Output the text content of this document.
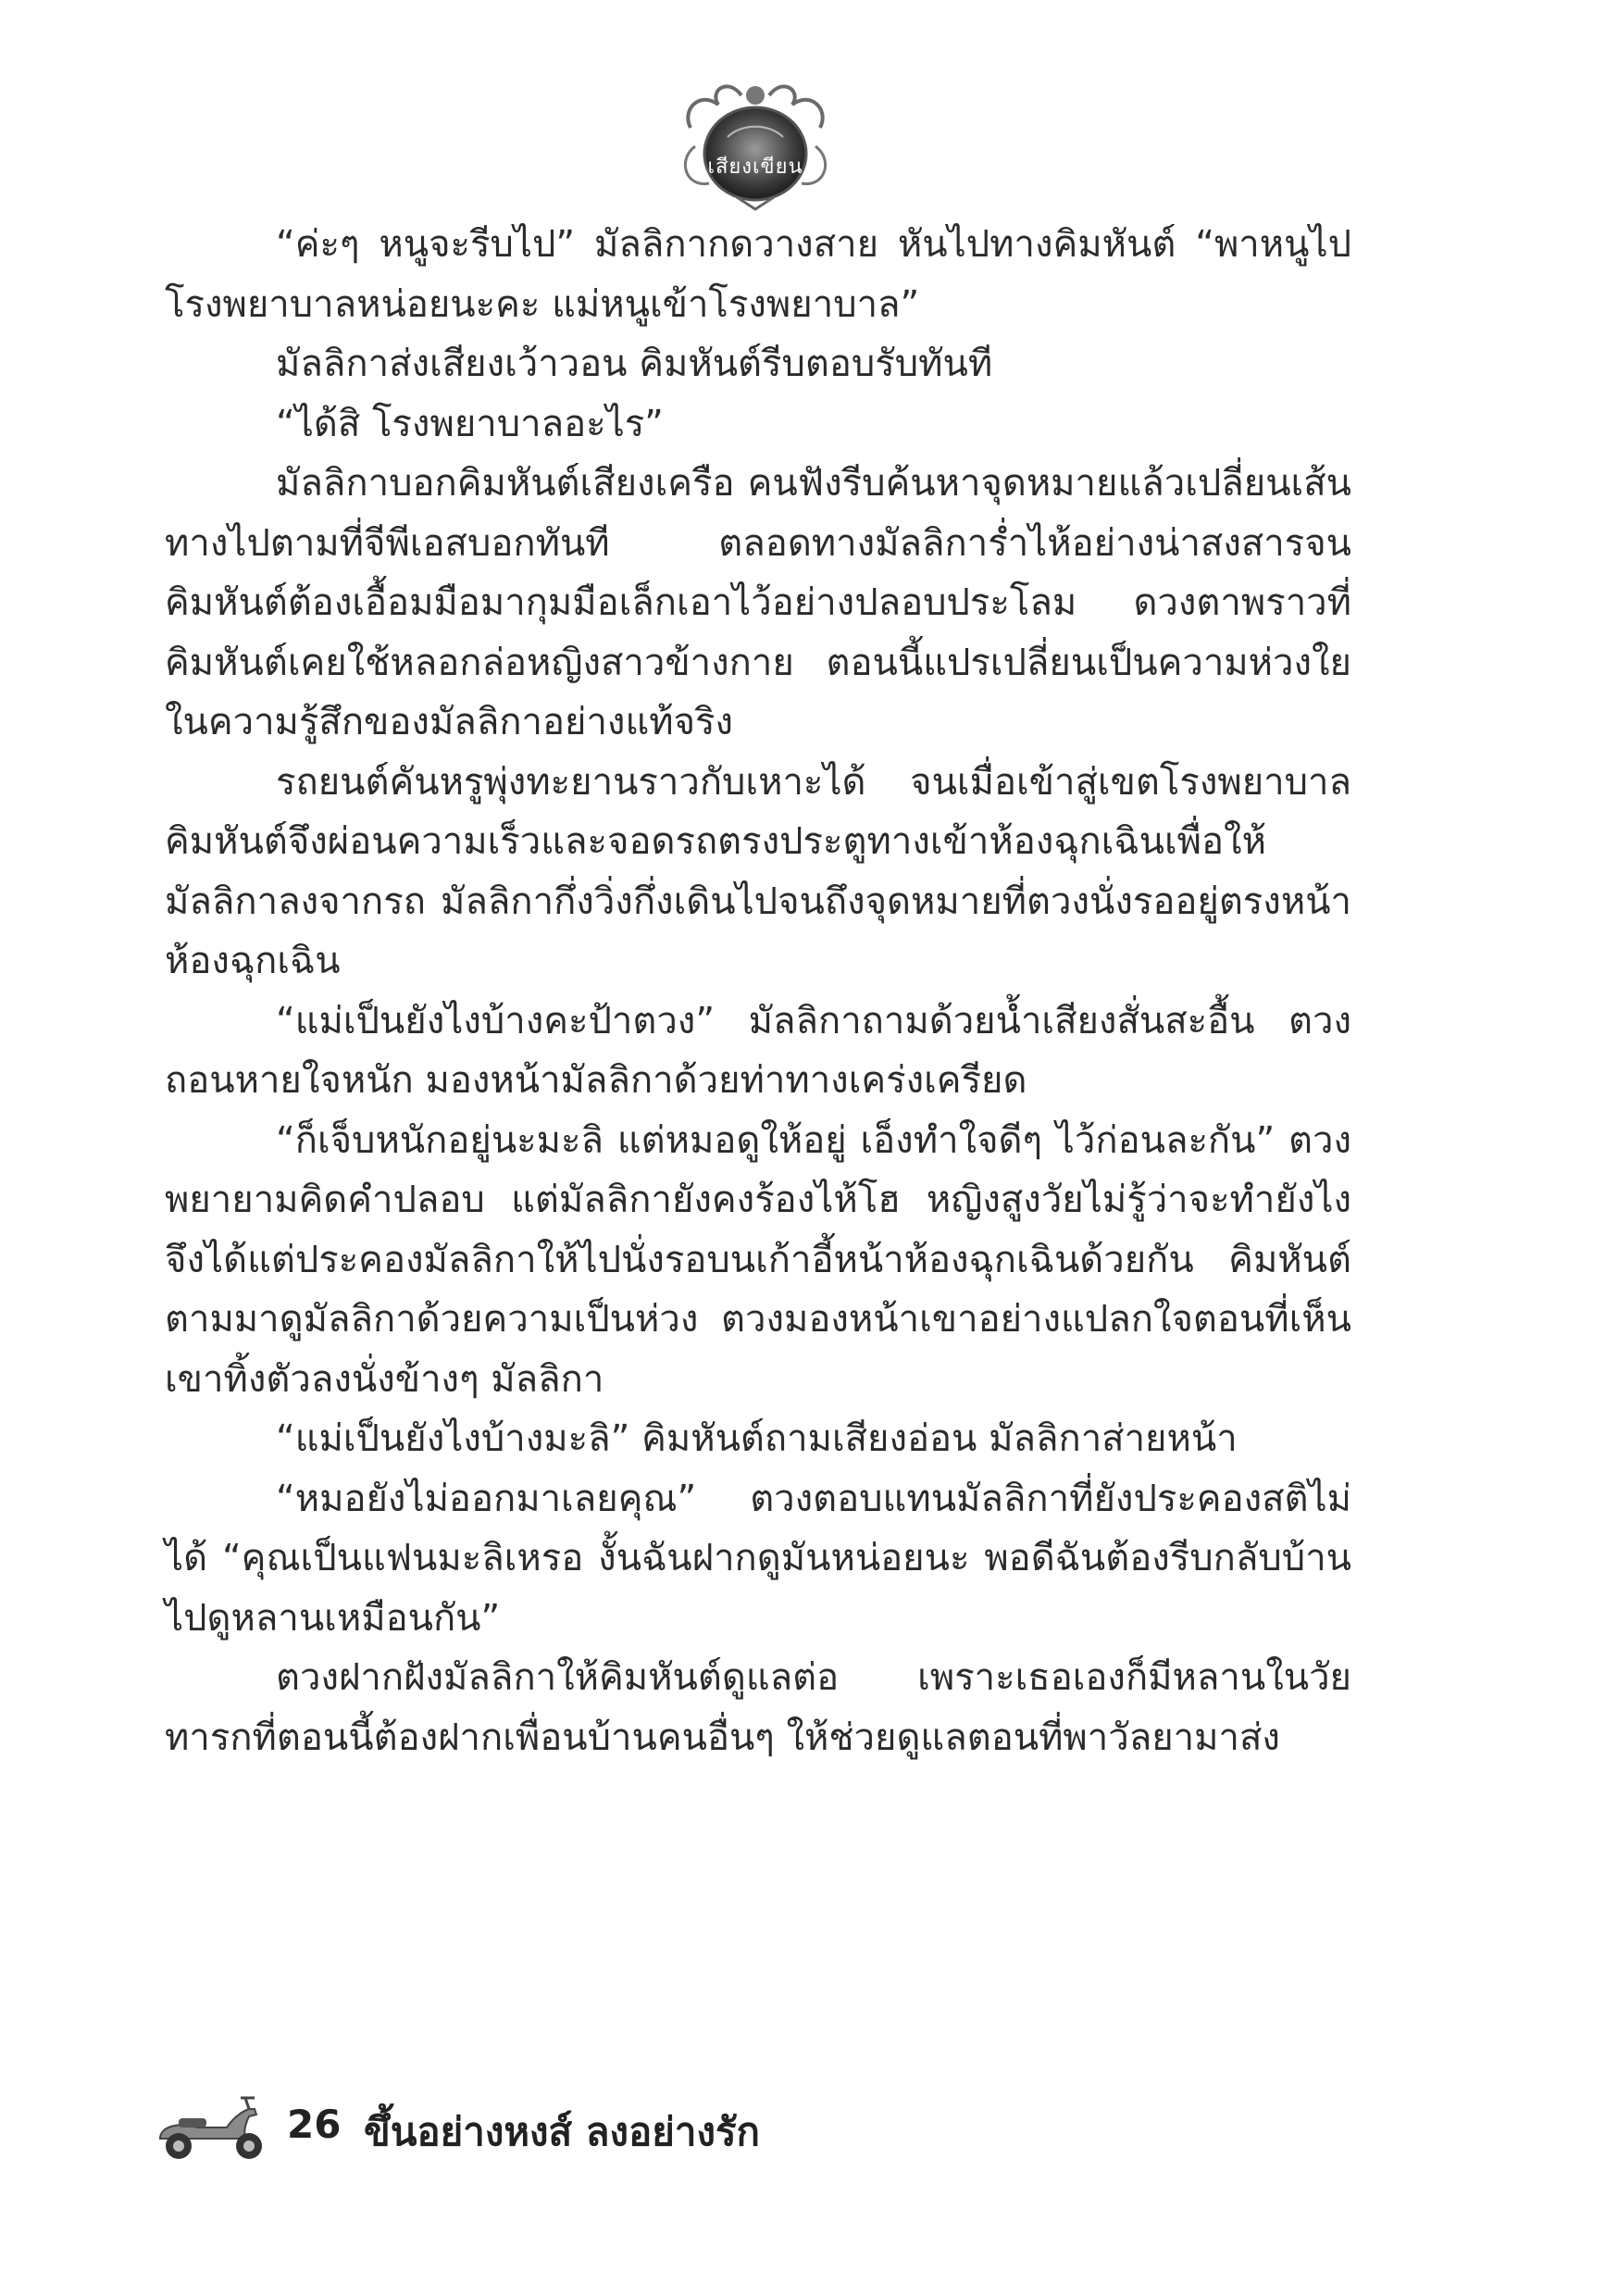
เสียงเขียน

“ค่ะๆ หนูจะรีบไป” มัลลิกากดวางสาย หันไปทางคิมหันต์ “พาหนูไปโรงพยาบาลหน่อยนะคะ แม่หนูเข้าโรงพยาบาล”

มัลลิกาส่งเสียงเว้าวอน คิมหันต์รีบตอบรับทันที

“ได้สิ โรงพยาบาลอะไร”

มัลลิกาบอกคิมหันต์เสียงเครือ คนฟังรีบค้นหาจุดหมายแล้วเปลี่ยนเส้นทางไปตามที่จีพีเอสบอกทันที ตลอดทางมัลลิการ่ำไห้อย่างน่าสงสารจนคิมหันต์ต้องเอื้อมมือมากุมมือเล็กเอาไว้อย่างปลอบประโลม ดวงตาพราวที่คิมหันต์เคยใช้หลอกล่อหญิงสาวข้างกาย ตอนนี้แปรเปลี่ยนเป็นความห่วงใยในความรู้สึกของมัลลิกาอย่างแท้จริง

รถยนต์คันหรูพุ่งทะยานราวกับเหาะได้ จนเมื่อเข้าสู่เขตโรงพยาบาลคิมหันต์จึงผ่อนความเร็วและจอดรถตรงประตูทางเข้าห้องฉุกเฉินเพื่อให้มัลลิกาลงจากรถ มัลลิกากึ่งวิ่งกึ่งเดินไปจนถึงจุดหมายที่ตวงนั่งรออยู่ตรงหน้าห้องฉุกเฉิน

“แม่เป็นยังไงบ้างคะป้าตวง” มัลลิกาถามด้วยน้ำเสียงสั่นสะอื้น ตวงถอนหายใจหนัก มองหน้ามัลลิกาด้วยท่าทางเคร่งเครียด

“ก็เจ็บหนักอยู่นะมะลิ แต่หมอดูให้อยู่ เอ็งทำใจดีๆ ไว้ก่อนละกัน” ตวงพยายามคิดคำปลอบ แต่มัลลิกายังคงร้องไห้โฮ หญิงสูงวัยไม่รู้ว่าจะทำยังไงจึงได้แต่ประคองมัลลิกาให้ไปนั่งรอบนเก้าอี้หน้าห้องฉุกเฉินด้วยกัน คิมหันต์ตามมาดูมัลลิกาด้วยความเป็นห่วง ตวงมองหน้าเขาอย่างแปลกใจตอนที่เห็นเขาทิ้งตัวลงนั่งข้างๆ มัลลิกา

“แม่เป็นยังไงบ้างมะลิ” คิมหันต์ถามเสียงอ่อน มัลลิกาส่ายหน้า

“หมอยังไม่ออกมาเลยคุณ” ตวงตอบแทนมัลลิกาที่ยังประคองสติไม่ได้ “คุณเป็นแฟนมะลิเหรอ งั้นฉันฝากดูมันหน่อยนะ พอดีฉันต้องรีบกลับบ้านไปดูหลานเหมือนกัน”

ตวงฝากฝังมัลลิกาให้คิมหันต์ดูแลต่อ เพราะเธอเองก็มีหลานในวัยทารกที่ตอนนี้ต้องฝากเพื่อนบ้านคนอื่นๆ ให้ช่วยดูแลตอนที่พาวัลยามาส่ง

26 ขึ้นอย่างหงส์ ลงอย่างรัก
